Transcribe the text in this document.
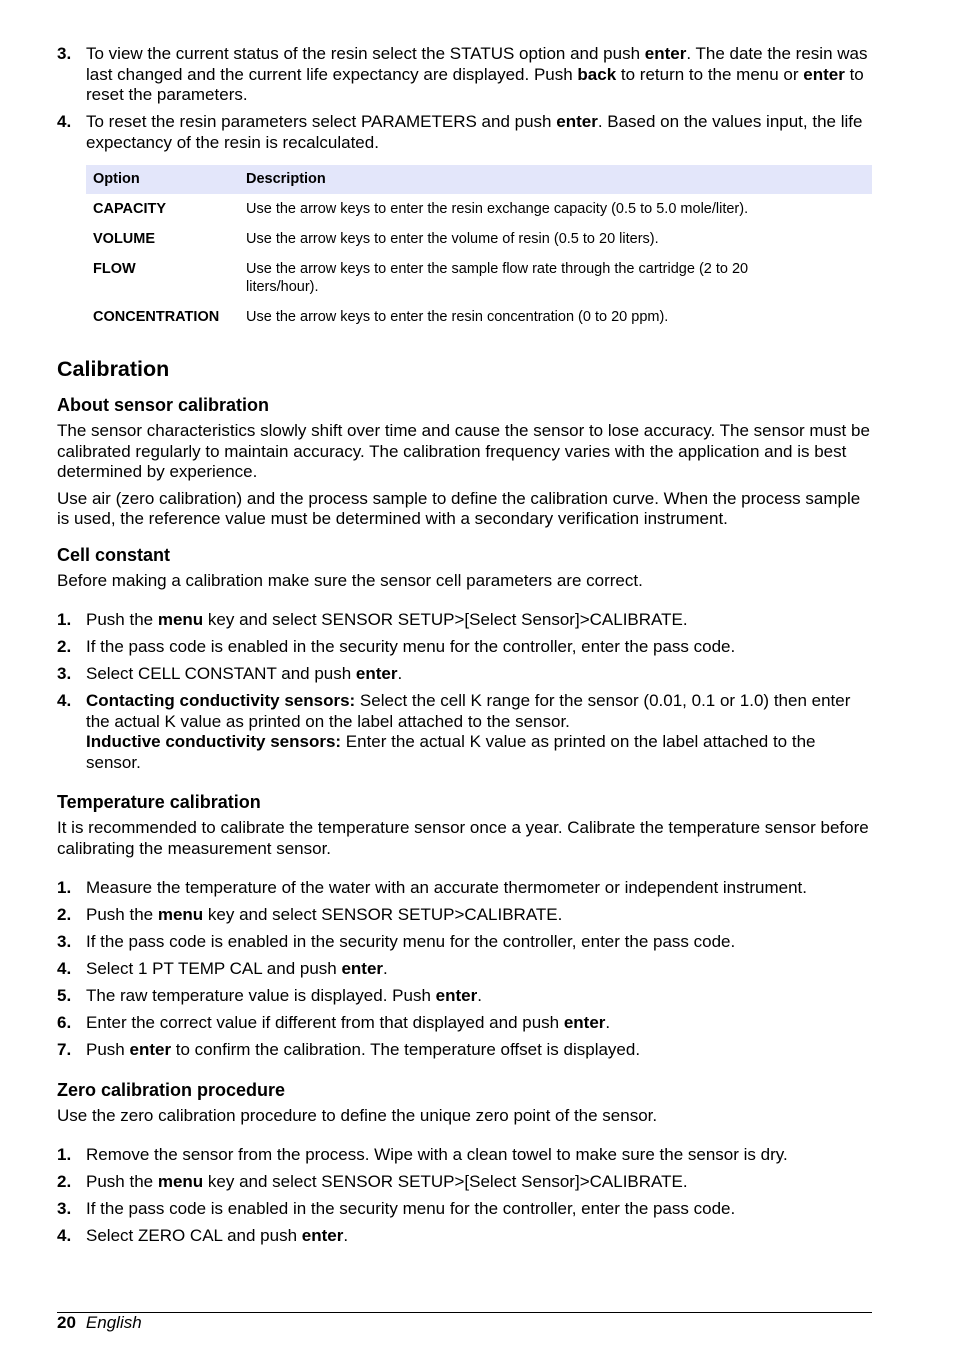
3. To view the current status of the resin select the STATUS option and push enter. The date the resin was last changed and the current life expectancy are displayed. Push back to return to the menu or enter to reset the parameters.
4. To reset the resin parameters select PARAMETERS and push enter. Based on the values input, the life expectancy of the resin is recalculated.
Option	Description
CAPACITY	Use the arrow keys to enter the resin exchange capacity (0.5 to 5.0 mole/liter).
VOLUME	Use the arrow keys to enter the volume of resin (0.5 to 20 liters).
FLOW	Use the arrow keys to enter the sample flow rate through the cartridge (2 to 20 liters/hour).
CONCENTRATION	Use the arrow keys to enter the resin concentration (0 to 20 ppm).
Calibration
About sensor calibration

The sensor characteristics slowly shift over time and cause the sensor to lose accuracy. The sensor must be calibrated regularly to maintain accuracy. The calibration frequency varies with the application and is best determined by experience.

Use air (zero calibration) and the process sample to define the calibration curve. When the process sample is used, the reference value must be determined with a secondary verification instrument.

Cell constant

Before making a calibration make sure the sensor cell parameters are correct.

1. Push the menu key and select SENSOR SETUP>[Select Sensor]>CALIBRATE.
2. If the pass code is enabled in the security menu for the controller, enter the pass code.
3. Select CELL CONSTANT and push enter.
4. Contacting conductivity sensors: Select the cell K range for the sensor (0.01, 0.1 or 1.0) then enter the actual K value as printed on the label attached to the sensor.
Inductive conductivity sensors: Enter the actual K value as printed on the label attached to the sensor.
Temperature calibration

It is recommended to calibrate the temperature sensor once a year. Calibrate the temperature sensor before calibrating the measurement sensor.

1. Measure the temperature of the water with an accurate thermometer or independent instrument.
2. Push the menu key and select SENSOR SETUP>CALIBRATE.
3. If the pass code is enabled in the security menu for the controller, enter the pass code.
4. Select 1 PT TEMP CAL and push enter.
5. The raw temperature value is displayed. Push enter.
6. Enter the correct value if different from that displayed and push enter.
7. Push enter to confirm the calibration. The temperature offset is displayed.
Zero calibration procedure

Use the zero calibration procedure to define the unique zero point of the sensor.

1. Remove the sensor from the process. Wipe with a clean towel to make sure the sensor is dry.
2. Push the menu key and select SENSOR SETUP>[Select Sensor]>CALIBRATE.
3. If the pass code is enabled in the security menu for the controller, enter the pass code.
4. Select ZERO CAL and push enter.
20 English
